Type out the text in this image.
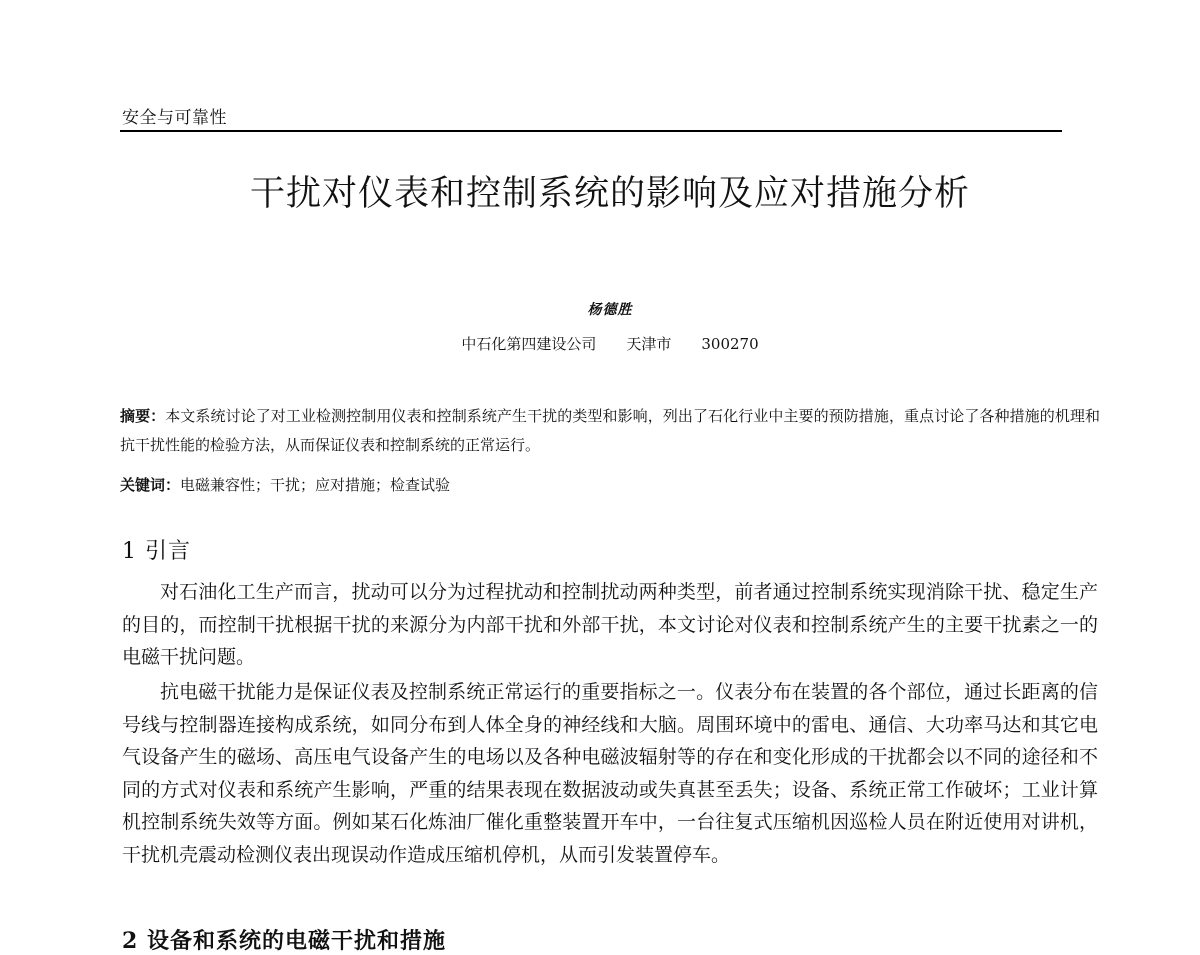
安全与可靠性
干扰对仪表和控制系统的影响及应对措施分析
杨德胜
中石化第四建设公司 天津市 300270
摘要：本文系统讨论了对工业检测控制用仪表和控制系统产生干扰的类型和影响，列出了石化行业中主要的预防措施，重点讨论了各种措施的机理和抗干扰性能的检验方法，从而保证仪表和控制系统的正常运行。
关键词：电磁兼容性；干扰；应对措施；检查试验
1 引言

对石油化工生产而言，扰动可以分为过程扰动和控制扰动两种类型，前者通过控制系统实现消除干扰、稳定生产的目的，而控制干扰根据干扰的来源分为内部干扰和外部干扰，本文讨论对仪表和控制系统产生的主要干扰素之一的电磁干扰问题。

抗电磁干扰能力是保证仪表及控制系统正常运行的重要指标之一。仪表分布在装置的各个部位，通过长距离的信号线与控制器连接构成系统，如同分布到人体全身的神经线和大脑。周围环境中的雷电、通信、大功率马达和其它电气设备产生的磁场、高压电气设备产生的电场以及各种电磁波辐射等的存在和变化形成的干扰都会以不同的途径和不同的方式对仪表和系统产生影响，严重的结果表现在数据波动或失真甚至丢失；设备、系统正常工作破坏；工业计算机控制系统失效等方面。例如某石化炼油厂催化重整装置开车中，一台往复式压缩机因巡检人员在附近使用对讲机，干扰机壳震动检测仪表出现误动作造成压缩机停机，从而引发装置停车。

2 设备和系统的电磁干扰和措施
